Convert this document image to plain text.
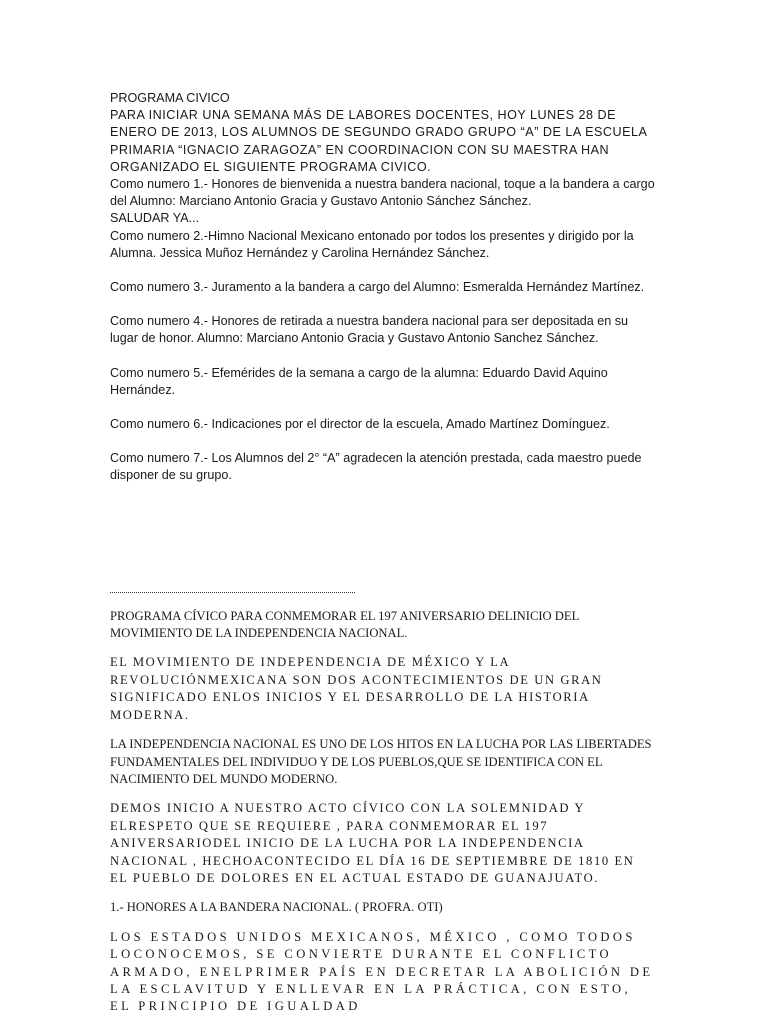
PROGRAMA CIVICO

PARA INICIAR UNA SEMANA MÁS DE LABORES DOCENTES, HOY LUNES 28 DE ENERO DE 2013, LOS ALUMNOS DE SEGUNDO GRADO GRUPO “A” DE LA ESCUELA PRIMARIA “IGNACIO ZARAGOZA” EN COORDINACION CON SU MAESTRA HAN ORGANIZADO EL SIGUIENTE PROGRAMA CIVICO.

Como numero 1.- Honores de bienvenida a nuestra bandera nacional, toque a la bandera a cargo del Alumno: Marciano Antonio Gracia y Gustavo Antonio Sánchez Sánchez.

SALUDAR YA...

Como numero 2.-Himno Nacional Mexicano entonado por todos los presentes y dirigido por la Alumna. Jessica Muñoz Hernández y Carolina Hernández Sánchez.

Como numero 3.- Juramento a la bandera a cargo del Alumno: Esmeralda Hernández Martínez.

Como numero 4.- Honores de retirada a nuestra bandera nacional para ser depositada en su lugar de honor. Alumno: Marciano Antonio Gracia y Gustavo Antonio Sanchez Sánchez.

Como numero 5.- Efemérides de la semana a cargo de la alumna: Eduardo David Aquino Hernández.

Como numero 6.- Indicaciones por el director de la escuela, Amado Martínez Domínguez.

Como numero 7.- Los Alumnos del 2° “A” agradecen la atención prestada, cada maestro puede disponer de su grupo.

PROGRAMA CÍVICO PARA CONMEMORAR EL 197 ANIVERSARIO DELINICIO DEL MOVIMIENTO DE LA INDEPENDENCIA NACIONAL.

EL MOVIMIENTO DE INDEPENDENCIA DE MÉXICO Y LA REVOLUCIÓNMEXICANA SON DOS ACONTECIMIENTOS DE UN GRAN SIGNIFICADO ENLOS INICIOS Y EL DESARROLLO DE LA HISTORIA MODERNA.

LA INDEPENDENCIA NACIONAL ES UNO DE LOS HITOS EN LA LUCHA POR LAS LIBERTADES FUNDAMENTALES DEL INDIVIDUO Y DE LOS PUEBLOS,QUE SE IDENTIFICA CON EL NACIMIENTO DEL MUNDO MODERNO.

DEMOS INICIO A NUESTRO ACTO CÍVICO CON LA SOLEMNIDAD Y ELRESPETO QUE SE REQUIERE , PARA CONMEMORAR EL 197 ANIVERSARIODEL INICIO DE LA LUCHA POR LA INDEPENDENCIA NACIONAL , HECHOACONTECIDO EL DÍA 16 DE SEPTIEMBRE DE 1810 EN EL PUEBLO DE DOLORES EN EL ACTUAL ESTADO DE GUANAJUATO.

1.- HONORES A LA BANDERA NACIONAL. ( PROFRA. OTI)

LOS ESTADOS UNIDOS MEXICANOS, MÉXICO , COMO TODOS LOCONOCEMOS, SE CONVIERTE DURANTE EL CONFLICTO ARMADO, ENELPRIMER PAÍS EN DECRETAR LA ABOLICIÓN DE LA ESCLAVITUD Y ENLLEVAR EN LA PRÁCTICA, CON ESTO, EL PRINCIPIO DE IGUALDAD
